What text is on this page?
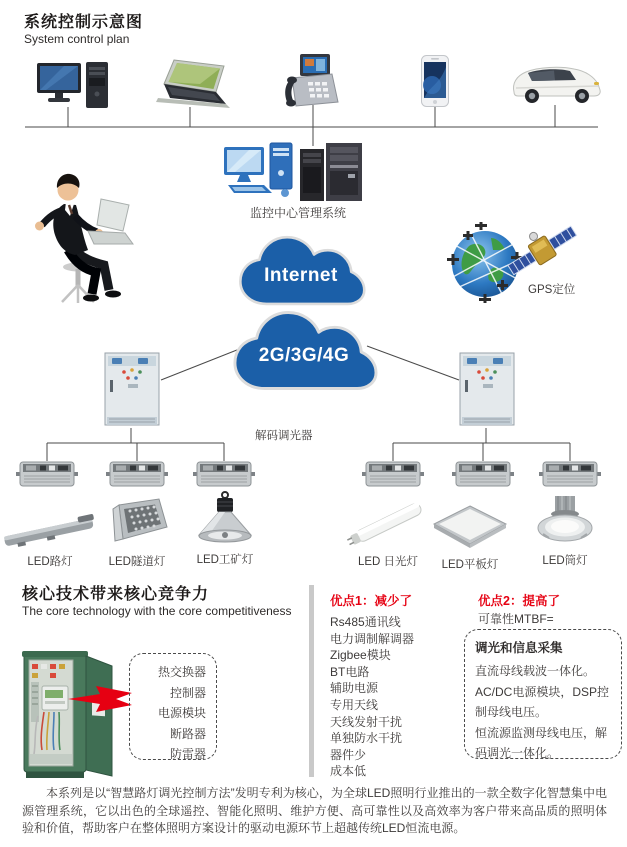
系统控制示意图
System control plan
监控中心管理系统
Internet
2G/3G/4G
GPS定位
解码调光器
LED路灯	LED隧道灯	LED工矿灯	LED 日光灯	LED平板灯	LED筒灯
核心技术带来核心竞争力
The core technology with the core competitiveness
热交换器
控制器
电源模块
断路器
防雷器
优点1：减少了
Rs485通讯线
电力调制解调器
Zigbee模块
BT电路
辅助电源
专用天线
天线发射干扰
单独防水干扰
器件少
成本低
优点2：提高了
可靠性MTBF=
调光和信息采集
直流母线载波一体化。
AC/DC电源模块，DSP控制母线电压。
恒流源监测母线电压，解码调光一体化。
本系列是以“智慧路灯调光控制方法”发明专利为核心，为全球LED照明行业推出的一款全数字化智慧集中电源管理系统，它以出色的全球遥控、智能化照明、维护方便、高可靠性以及高效率为客户带来高品质的照明体验和价值，帮助客户在整体照明方案设计的驱动电源环节上超越传统LED恒流电源。
